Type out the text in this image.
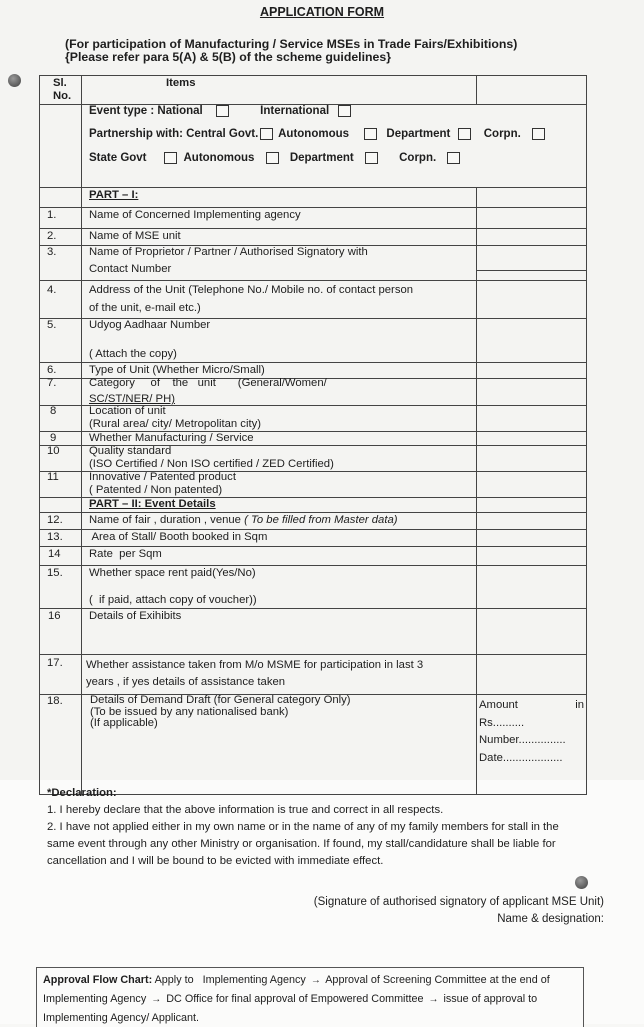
APPLICATION FORM
(For participation of Manufacturing / Service MSEs in Trade Fairs/Exhibitions)
{Please refer para 5(A) & 5(B) of the scheme guidelines}
Sl.
No.
Items
Event type : National	International
Partnership with: Central Govt. Autonomous	Department	Corpn.
State Govt	Autonomous	Department	Corpn.
PART – I:
1.	Name of Concerned Implementing agency
2.	Name of MSE unit
3.	Name of Proprietor / Partner / Authorised Signatory with
Contact Number
4.	Address of the Unit (Telephone No./ Mobile no. of contact person
of the unit, e-mail etc.)
5.	Udyog Aadhaar Number
( Attach the copy)
6.	Type of Unit (Whether Micro/Small)
7.	Category     of    the   unit       (General/Women/
SC/ST/NER/ PH)
8	Location of unit
(Rural area/ city/ Metropolitan city)
9	Whether Manufacturing / Service
10	Quality standard
(ISO Certified / Non ISO certified / ZED Certified)
11	Innovative / Patented product
( Patented / Non patented)
PART – II: Event Details
12. Name of fair , duration , venue ( To be filled from Master data)
13. Area of Stall/ Booth booked in Sqm
14	Rate  per Sqm
15. Whether space rent paid(Yes/No)
(  if paid, attach copy of voucher))
16	Details of Exihibits
17. Whether assistance taken from M/o MSME for participation in last 3
years , if yes details of assistance taken
18. Details of Demand Draft (for General category Only)
(To be issued by any nationalised bank)
(If applicable)
Amount	in
Rs..........
Number...............
Date...................
*Declaration:
1. I hereby declare that the above information is true and correct in all respects.
2. I have not applied either in my own name or in the name of any of my family members for stall in the same event through any other Ministry or organisation. If found, my stall/candidature shall be liable for cancellation and I will be bound to be evicted with immediate effect.
(Signature of authorised signatory of applicant MSE Unit)
Name & designation:
Approval Flow Chart: Apply to Implementing Agency → Approval of Screening Committee at the end of Implementing Agency → DC Office for final approval of Empowered Committee → issue of approval to Implementing Agency/ Applicant.
